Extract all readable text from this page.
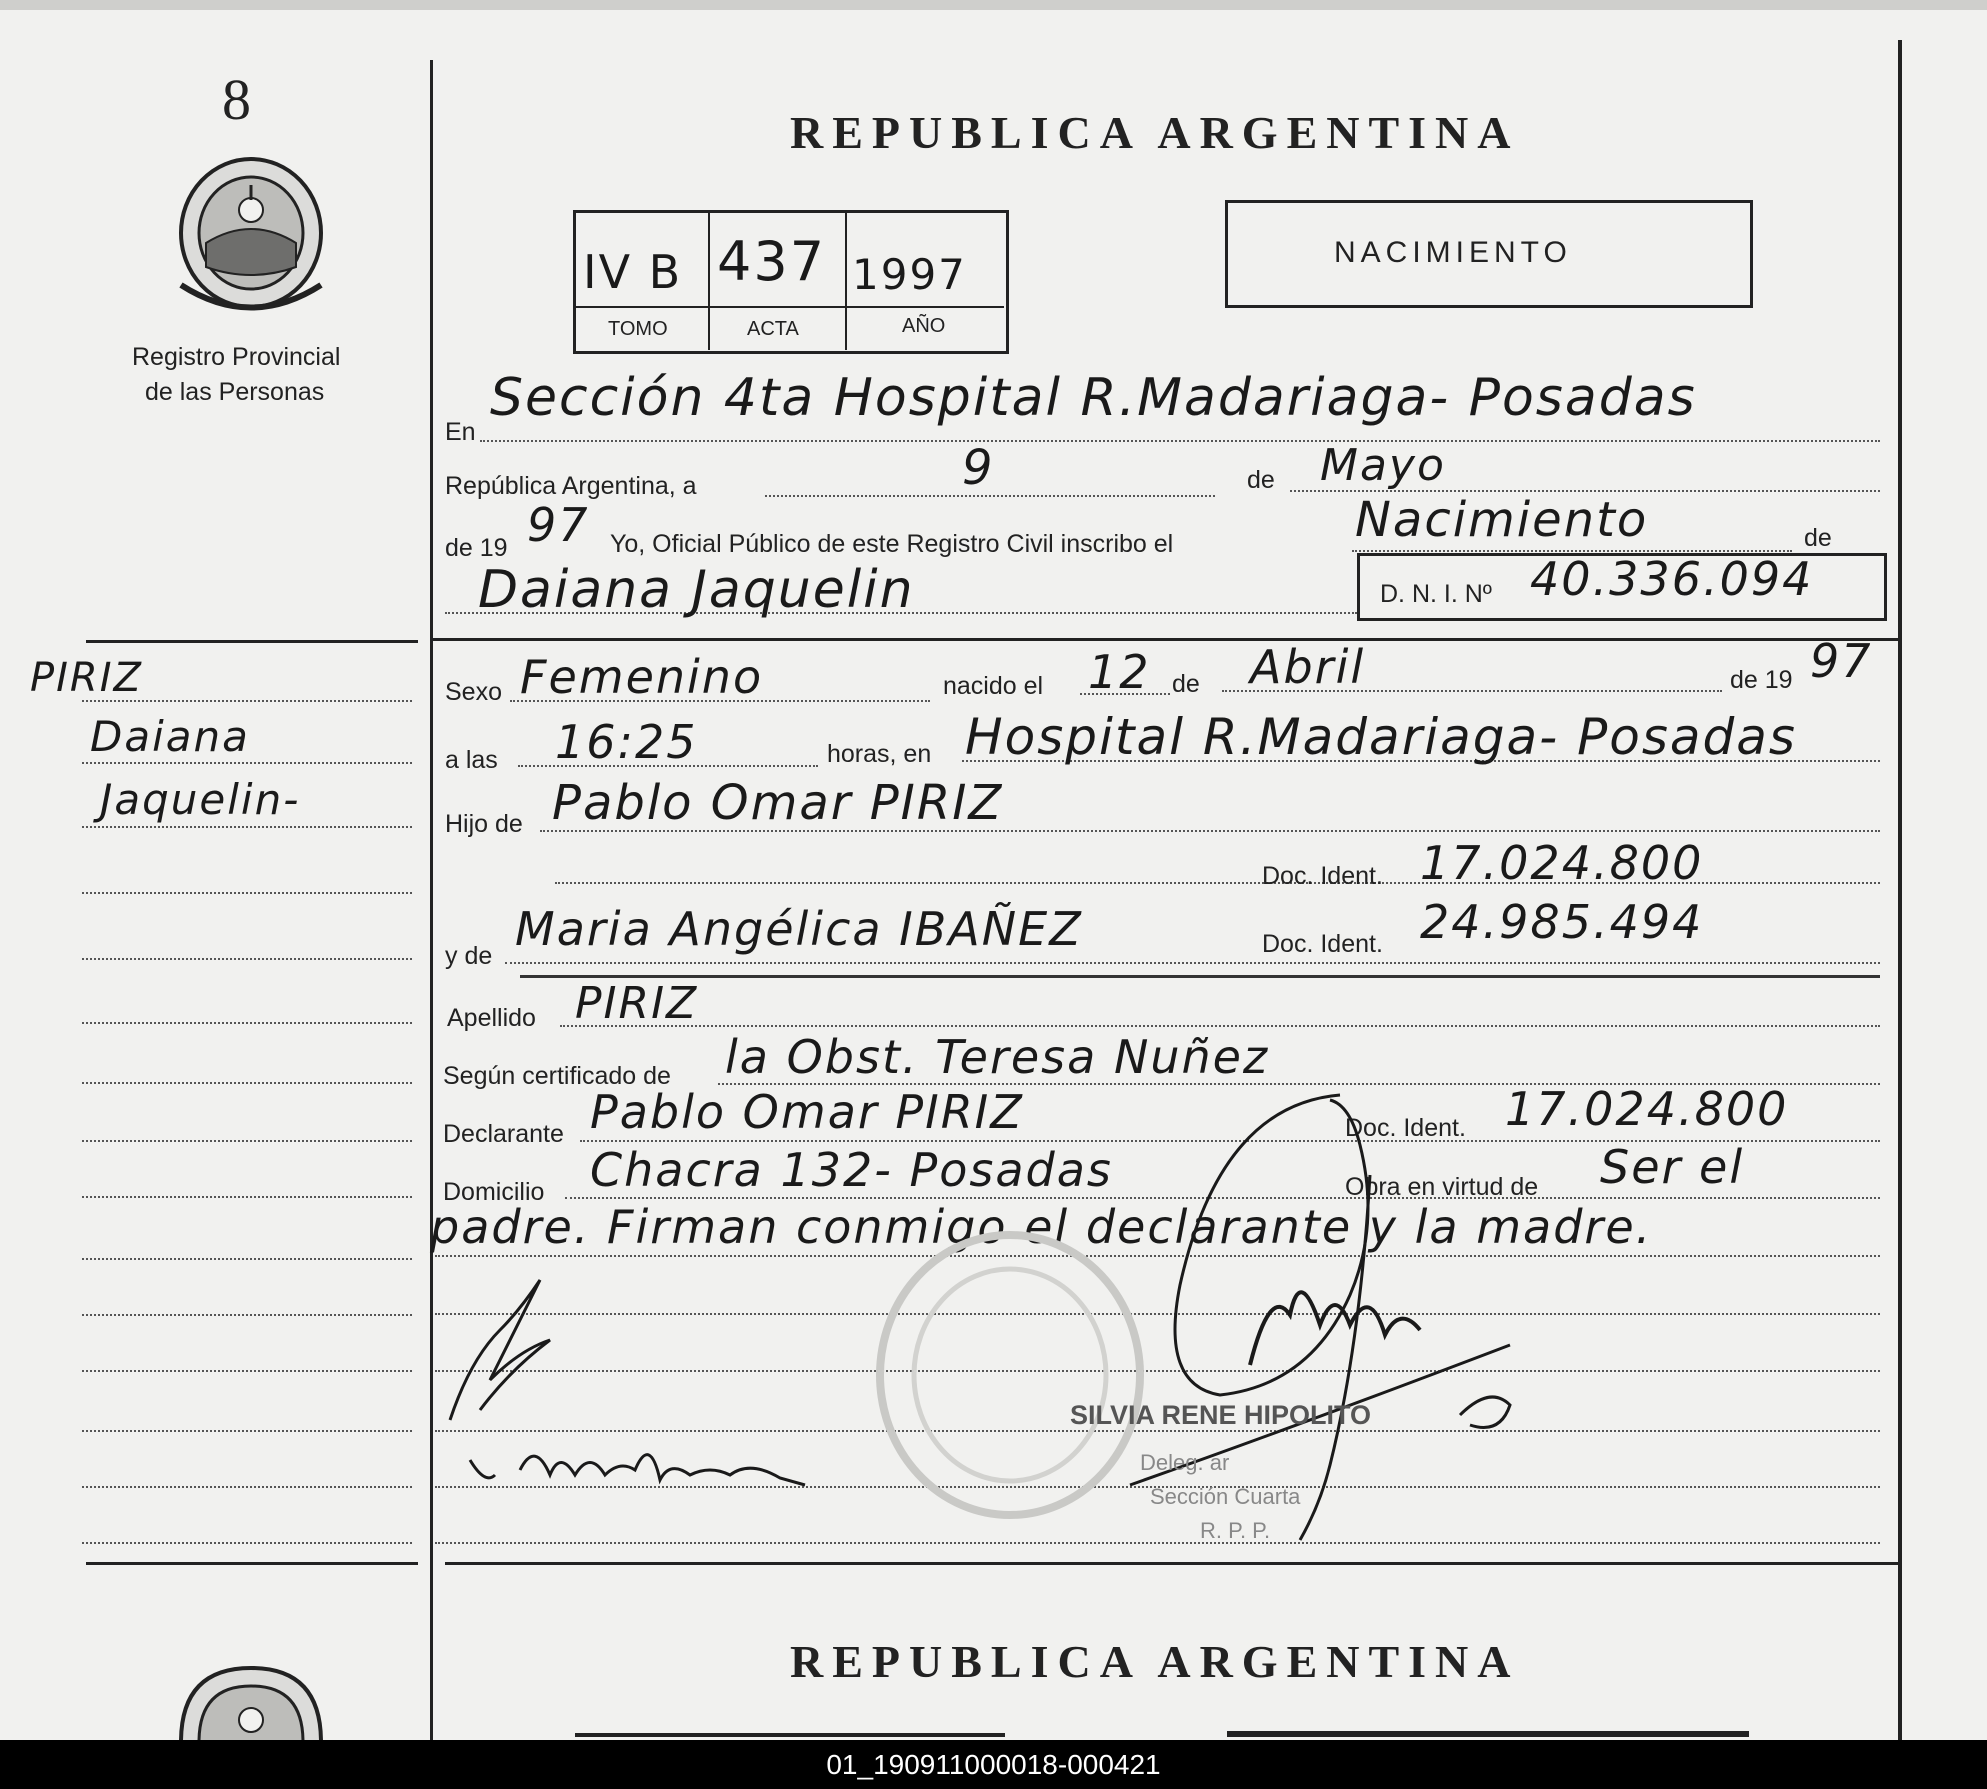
8
Registro Provincial
de las Personas
PIRIZ
Daiana
Jaquelin-
REPUBLICA ARGENTINA
IV B 437 1997
TOMO	ACTA	AÑO
NACIMIENTO
En
Sección 4ta Hospital R.Madariaga- Posadas
República Argentina, a	9	de Mayo
de 19 97 Yo, Oficial Público de este Registro Civil inscribo el	Nacimiento	de
Daiana Jaquelin	D. N. I. Nº 40.336.094
Sexo Femenino	nacido el 12 de Abril	de 19 97
a las 16:25	horas, en Hospital R.Madariaga- Posadas
Hijo de Pablo Omar PIRIZ
Doc. Ident. 17.024.800
y de Maria Angélica IBAÑEZ	Doc. Ident. 24.985.494
Apellido PIRIZ
Según certificado de la Obst. Teresa Nuñez
Declarante Pablo Omar PIRIZ	Doc. Ident. 17.024.800
Domicilio Chacra 132- Posadas	Obra en virtud de Ser el
padre. Firman conmigo el declarante y la madre.
SILVIA RENE HIPOLITO
Deleg. ar
Sección Cuarta
R. P. P.
REPUBLICA ARGENTINA
01_190911000018-000421
